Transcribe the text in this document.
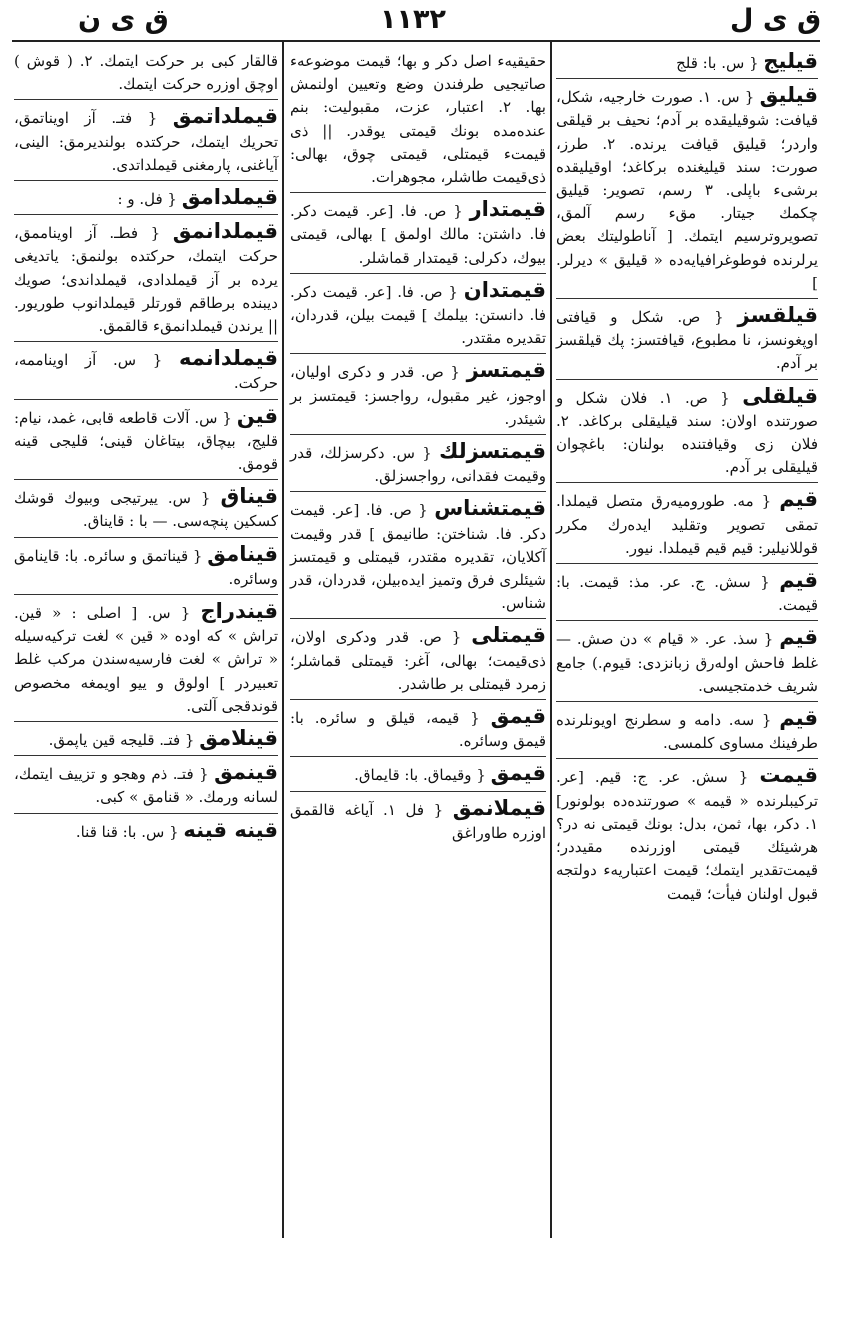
ق ى ن	١١٣٢	ق ى ل
قيليج { س. با: قلج
قيليق { س. ١. صورت خارجيه، شكل، قيافت: شوقيليقده بر آدم؛ نحيف بر قيلقى واردر؛ قيليق قيافت يرنده. ٢. طرز، صورت: سند قيليغنده بركاغد؛ اوقيليقده برشى‌ء باپلى. ٣ رسم، تصوير: قيليق چكمك جيتار. مق‌ء رسم آلمق، تصويروترسيم ايتمك. [ آناطوليتك بعض يرلرنده فوطوغرافيايه‌ده « قيليق » ديرلر. ]
قيلقسز { ص. شكل و قيافتى اوپغونسز، نا مطبوع، قيافتسز: پك قيلقسز بر آدم.
قيلقلى { ص. ١. فلان شكل و صورتنده اولان: سند قيليقلى بركاغد. ٢. فلان زى وقيافتنده بولنان: باغچوان قيليقلى بر آدم.
قيم { مه. طوروميه‌رق متصل قيملدا. تمقى تصوير وتقليد ايده‌رك مكرر قوللانيلير: قيم قيم قيملدا. نيور.
قيم { سش. ج. عر. مذ: قيمت. با: قيمت.
قيم { سذ. عر. « قيام » دن صش. — غلط فاحش اوله‌رق زبانزدى: قيوم.) جامع شريف خدمتجيسى.
قيم { سه. دامه و سطرنج اويونلرنده طرفينك مساوى كلمسى.
قيمت { سش. عر. ج: قيم. [عر. تركيبلرنده « قيمه » صورتنده‌ده بولونور] ١. دكر، بها، ثمن، بدل: بونك قيمتى نه‌ در؟ هرشيئك قيمتى اوزرنده مقيددر؛ قيمت‌تقدير ايتمك؛ قيمت اعتباريه‌ء دولتجه قبول اولنان فيأت؛ قيمت
حقيقيه‌ء اصل دكر و بها؛ قيمت موضوعه‌ء صاتيجيى طرفندن وضع وتعيين اولنمش بها. ٢. اعتبار، عزت، مقبوليت: بنم عنده‌مده بونك قيمتى يوقدر. || ذى قيمت‌ء قيمتلى، قيمتى چوق، بهالى: ذى‌قيمت طاشلر، مجوهرات.
قيمتدار { ص. فا. [عر. قيمت دكر. فا. داشتن: مالك اولمق ] بهالى، قيمتى بيوك، دكرلى: قيمتدار قماشلر.
قيمتدان { ص. فا. [عر. قيمت دكر. فا. دانستن: بيلمك ] قيمت بيلن، قدردان، تقديره مقتدر.
قيمتسز { ص. قدر و دكرى اوليان، اوجوز، غير مقبول، رواجسز: قيمتسز بر شيئدر.
قيمتسزلك { س. دكرسزلك، قدر وقيمت فقدانى، رواجسزلق.
قيمتشناس { ص. فا. [عر. قيمت دكر. فا. شناختن: طانيمق ] قدر وقيمت آكلايان، تقديره مقتدر، قيمتلى و قيمتسز شيئلرى فرق وتميز ايده‌بيلن، قدردان، قدر شناس.
قيمتلى { ص. قدر ودكرى اولان، ذى‌قيمت؛ بهالى، آغر: قيمتلى قماشلر؛ زمرد قيمتلى بر طاشدر.
قيمق { قيمه، قيلق و سائره. با: قيمق وسائره.
قيمق { وقيماق. با: قايماق.
قيملانمق { فل ١. آياغه قالقمق اوزره طاوراغق
قالقار كبى بر حركت ايتمك. ٢. ( قوش ) اوچق اوزره حركت ايتمك.
قيملداتمق { فتـ. آز اويناتمق، تحريك ايتمك، حركتده بولنديرمق: الينى، آياغنى، پارمغنى قيملداتدى.
قيملدامق { فل. و :
قيملدانمق { فطـ. آز اويناممق، حركت ايتمك، حركتده بولنمق: ياتديغى يرده بر آز قيملدادى، قيملداندى؛ صويك ديبنده برطاقم قورتلر قيملدانوب طوريور. || يرندن قيملدانمق‌ء قالقمق.
قيملدانمه { س. آز اويناممه، حركت.
قين { س. آلات قاطعه قابى، غمد، نيام: قليج، بيچاق، بيتاغان قينى؛ قليجى قينه قومق.
قيناق { س. ييرتيجى وبيوك قوشك كسكين پنچه‌سى. — با : قايناق.
قينامق { قيناتمق و سائره. با: قاينامق وسائره.
قيندراج { س. [ اصلى : « قين. تراش » كه اوده « قين » لغت تركيه‌سيله « تراش » لغت فارسيه‌سندن مركب غلط تعبيردر ] اولوق و ييو اويمغه مخصوص قوندقجى آلتى.
قينلامق { فتـ. قليجه قين ياپمق.
قينمق { فتـ. ذم وهجو و تزييف ايتمك، لسانه ورمك. « قنامق » كبى.
قينه قينه { س. با: قنا قنا.
